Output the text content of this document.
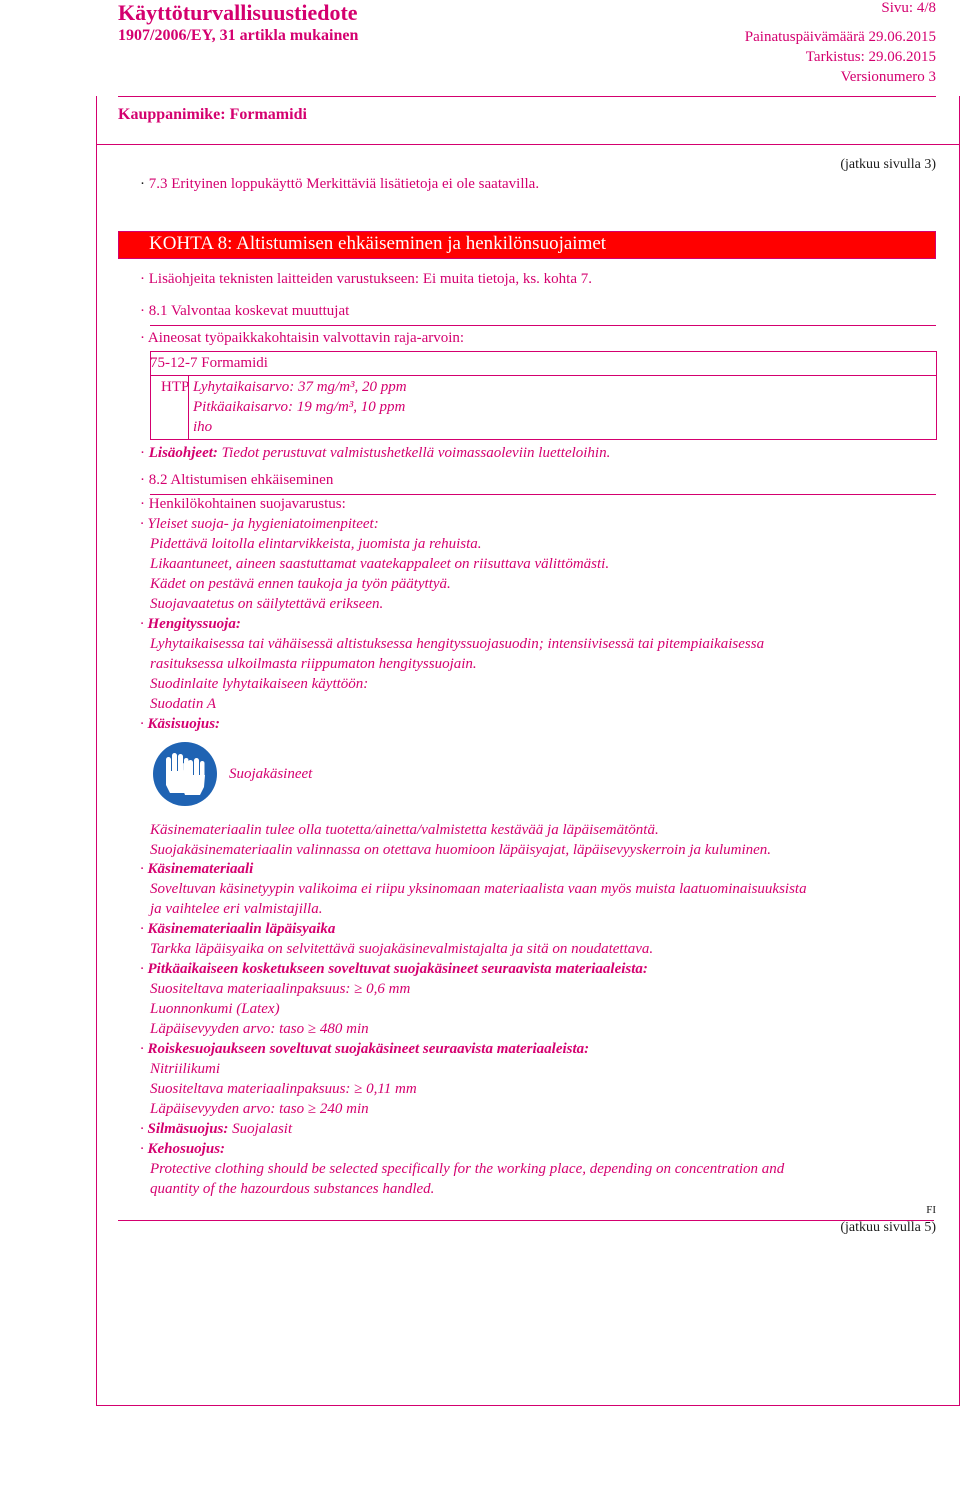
Käyttöturvallisuustiedote
1907/2006/EY, 31 artikla mukainen
Sivu: 4/8
Painatuspäivämäärä 29.06.2015
Tarkistus: 29.06.2015
Versionumero 3
Kauppanimike: Formamidi
(jatkuu sivulla 3)
· 7.3 Erityinen loppukäyttö Merkittäviä lisätietoja ei ole saatavilla.
KOHTA 8: Altistumisen ehkäiseminen ja henkilönsuojaimet
· Lisäohjeita teknisten laitteiden varustukseen: Ei muita tietoja, ks. kohta 7.
· 8.1 Valvontaa koskevat muuttujat
· Aineosat työpaikkakohtaisin valvottavin raja-arvoin:
75-12-7 Formamidi
HTP Lyhytaikaisarvo: 37 mg/m³, 20 ppm
Pitkäaikaisarvo: 19 mg/m³, 10 ppm
iho
· Lisäohjeet: Tiedot perustuvat valmistushetkellä voimassaoleviin luetteloihin.
· 8.2 Altistumisen ehkäiseminen
· Henkilökohtainen suojavarustus:
· Yleiset suoja- ja hygieniatoimenpiteet:
Pidettävä loitolla elintarvikkeista, juomista ja rehuista.
Likaantuneet, aineen saastuttamat vaatekappaleet on riisuttava välittömästi.
Kädet on pestävä ennen taukoja ja työn päätyttyä.
Suojavaatetus on säilytettävä erikseen.
· Hengityssuoja:
Lyhytaikaisessa tai vähäisessä altistuksessa hengityssuojasuodin; intensiivisessä tai pitempiaikaisessa
rasituksessa ulkoilmasta riippumaton hengityssuojain.
Suodinlaite lyhytaikaiseen käyttöön:
Suodatin A
· Käsisuojus:
Suojakäsineet
Käsinemateriaalin tulee olla tuotetta/ainetta/valmistetta kestävää ja läpäisemätöntä.
Suojakäsinemateriaalin valinnassa on otettava huomioon läpäisyajat, läpäisevyyskerroin ja kuluminen.
· Käsinemateriaali
Soveltuvan käsinetyypin valikoima ei riipu yksinomaan materiaalista vaan myös muista laatuominaisuuksista
ja vaihtelee eri valmistajilla.
· Käsinemateriaalin läpäisyaika
Tarkka läpäisyaika on selvitettävä suojakäsinevalmistajalta ja sitä on noudatettava.
· Pitkäaikaiseen kosketukseen soveltuvat suojakäsineet seuraavista materiaaleista:
Suositeltava materiaalinpaksuus: ≥ 0,6 mm
Luonnonkumi (Latex)
Läpäisevyyden arvo: taso ≥ 480 min
· Roiskesuojaukseen soveltuvat suojakäsineet seuraavista materiaaleista:
Nitriilikumi
Suositeltava materiaalinpaksuus: ≥ 0,11 mm
Läpäisevyyden arvo: taso ≥ 240 min
· Silmäsuojus: Suojalasit
· Kehosuojus:
Protective clothing should be selected specifically for the working place, depending on concentration and
quantity of the hazourdous substances handled.
FI
(jatkuu sivulla 5)
